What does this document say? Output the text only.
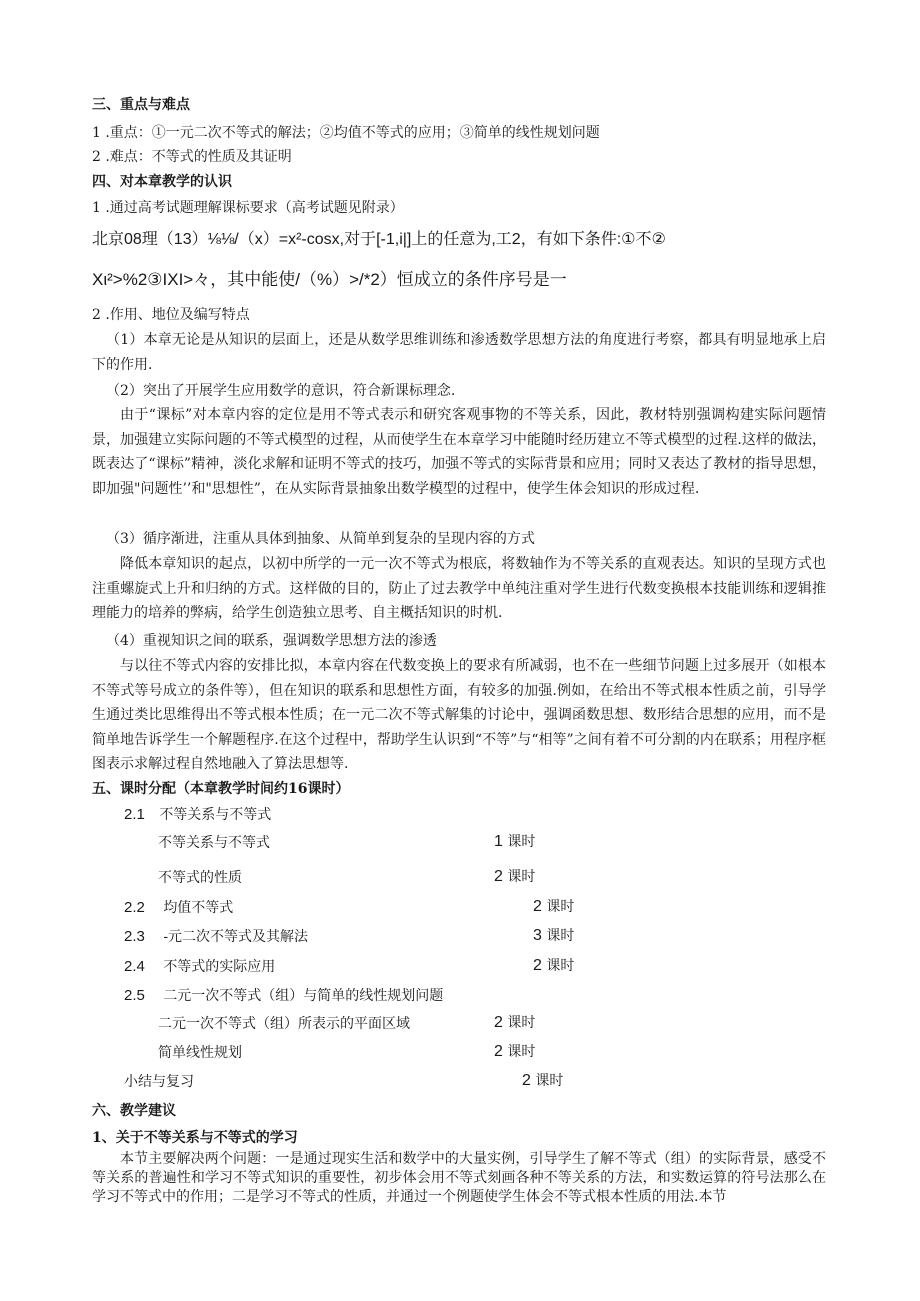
三、重点与难点
1 .重点：①一元二次不等式的解法；②均值不等式的应用；③简单的线性规划问题
2 .难点：不等式的性质及其证明
四、对本章教学的认识
1 .通过高考试题理解课标要求（高考试题见附录）
北京08理（13）⅛⅛/（x）=x²-cosx,对于[-1,i|]上的任意为,工2，有如下条件:①不②
Xι²>%2③IXI>々，其中能使/（%）>/*2）恒成立的条件序号是一
2 .作用、地位及编写特点
（1）本章无论是从知识的层面上，还是从数学思维训练和渗透数学思想方法的角度进行考察，都具有明显地承上启下的作用.
（2）突出了开展学生应用数学的意识，符合新课标理念.
由于“课标”对本章内容的定位是用不等式表示和研究客观事物的不等关系，因此，教材特别强调构建实际问题情景，加强建立实际问题的不等式模型的过程，从而使学生在本章学习中能随时经历建立不等式模型的过程.这样的做法，既表达了“课标”精神，淡化求解和证明不等式的技巧，加强不等式的实际背景和应用；同时又表达了教材的指导思想，即加强"问题性’’和"思想性”，在从实际背景抽象出数学模型的过程中，使学生体会知识的形成过程.
（3）循序渐进，注重从具体到抽象、从简单到复杂的呈现内容的方式
降低本章知识的起点，以初中所学的一元一次不等式为根底，将数轴作为不等关系的直观表达。知识的呈现方式也注重螺旋式上升和归纳的方式。这样做的目的，防止了过去教学中单纯注重对学生进行代数变换根本技能训练和逻辑推理能力的培养的弊病，给学生创造独立思考、自主概括知识的时机.
（4）重视知识之间的联系，强调数学思想方法的渗透
与以往不等式内容的安排比拟，本章内容在代数变换上的要求有所减弱，也不在一些细节问题上过多展开（如根本不等式等号成立的条件等），但在知识的联系和思想性方面，有较多的加强.例如，在给出不等式根本性质之前，引导学生通过类比思维得出不等式根本性质；在一元二次不等式解集的讨论中，强调函数思想、数形结合思想的应用，而不是简单地告诉学生一个解题程序.在这个过程中，帮助学生认识到“不等”与“相等”之间有着不可分割的内在联系；用程序框图表示求解过程自然地融入了算法思想等.
五、课时分配（本章教学时间约16课时）
2.1 不等关系与不等式
不等关系与不等式	1 课时
不等式的性质	2 课时
2.2 均值不等式	2 课时
2.3 -元二次不等式及其解法	3 课时
2.4 不等式的实际应用	2 课时
2.5 二元一次不等式（组）与简单的线性规划问题
二元一次不等式（组）所表示的平面区域	2 课时
简单线性规划	2 课时
小结与复习	2 课时
六、教学建议
1、关于不等关系与不等式的学习
本节主要解决两个问题：一是通过现实生活和数学中的大量实例，引导学生了解不等式（组）的实际背景，感受不等关系的普遍性和学习不等式知识的重要性，初步体会用不等式刻画各种不等关系的方法，和实数运算的符号法那么在学习不等式中的作用；二是学习不等式的性质，并通过一个例题使学生体会不等式根本性质的用法.本节
